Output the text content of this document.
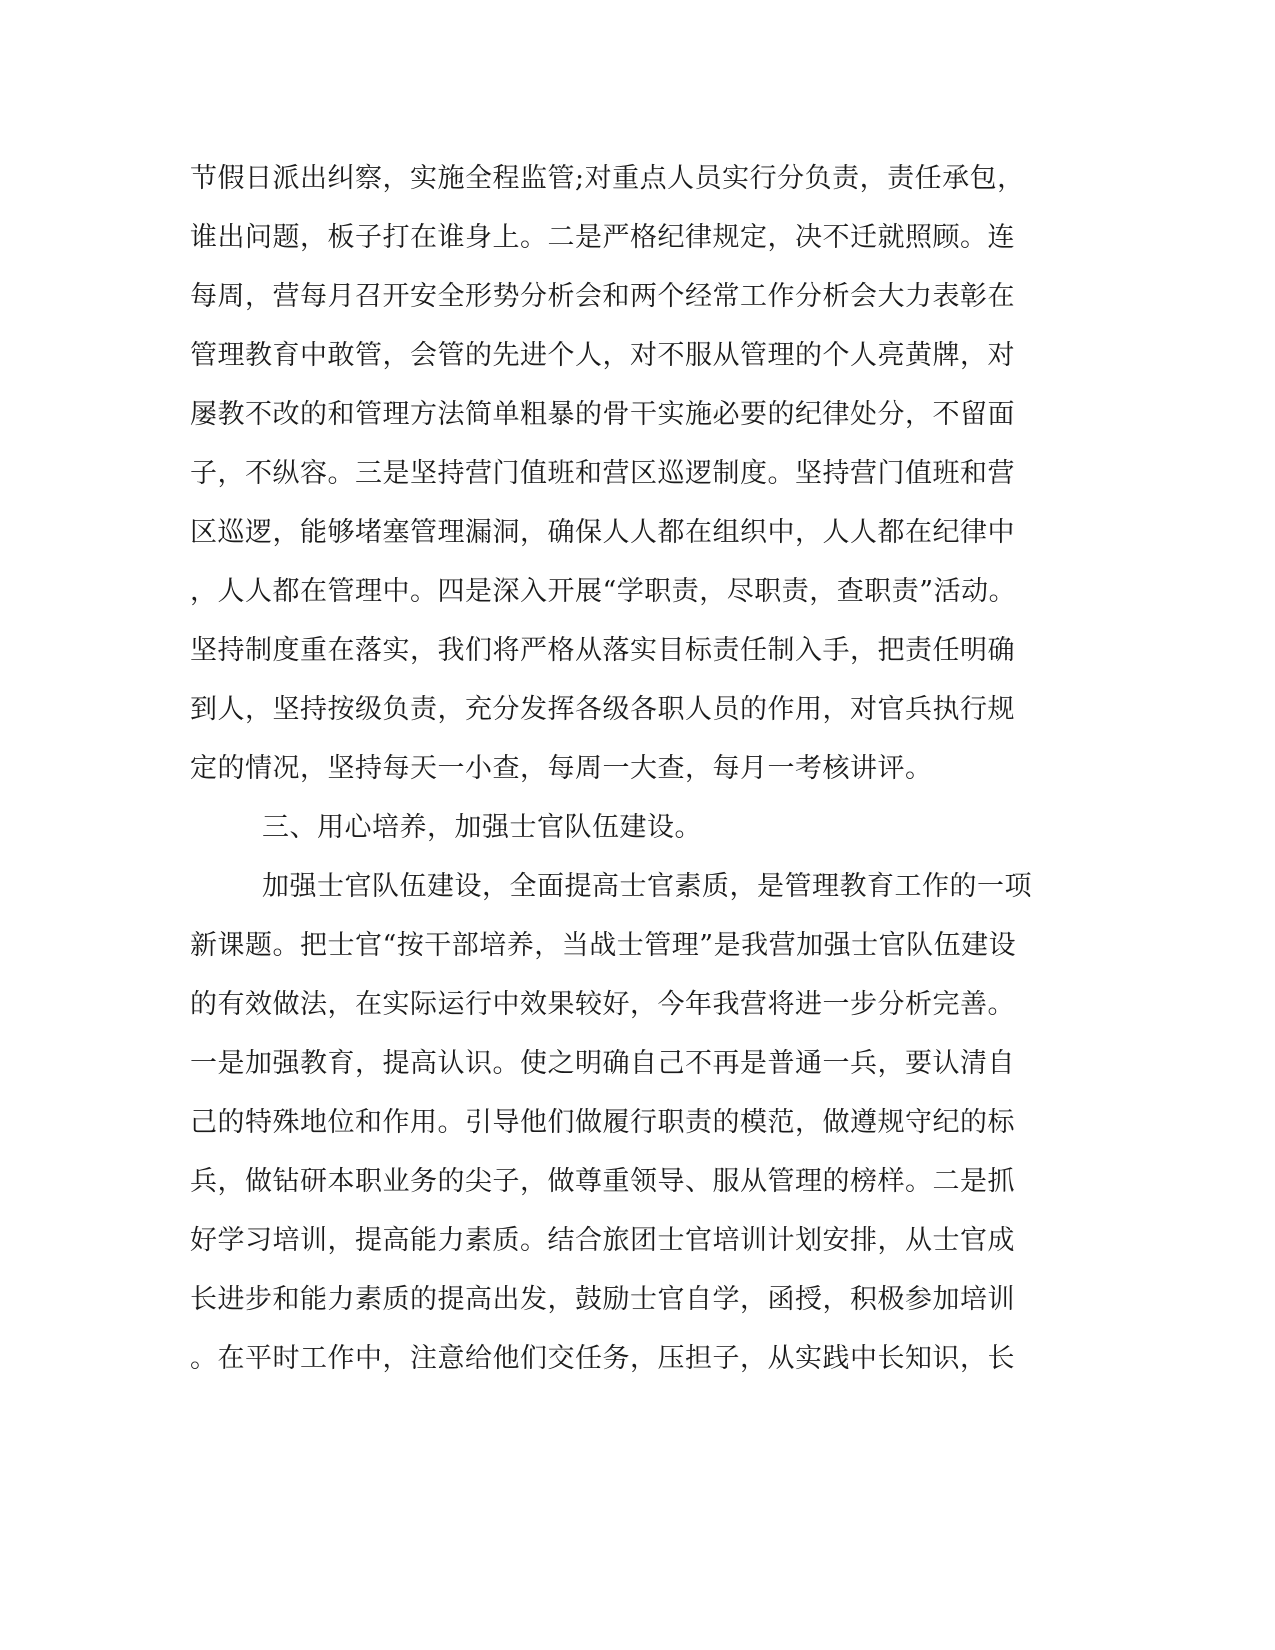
节假日派出纠察，实施全程监管;对重点人员实行分负责，责任承包，

谁出问题，板子打在谁身上。二是严格纪律规定，决不迁就照顾。连

每周，营每月召开安全形势分析会和两个经常工作分析会大力表彰在

管理教育中敢管，会管的先进个人，对不服从管理的个人亮黄牌，对

屡教不改的和管理方法简单粗暴的骨干实施必要的纪律处分，不留面

子，不纵容。三是坚持营门值班和营区巡逻制度。坚持营门值班和营

区巡逻，能够堵塞管理漏洞，确保人人都在组织中，人人都在纪律中

，人人都在管理中。四是深入开展“学职责，尽职责，查职责”活动。

坚持制度重在落实，我们将严格从落实目标责任制入手，把责任明确

到人，坚持按级负责，充分发挥各级各职人员的作用，对官兵执行规

定的情况，坚持每天一小查，每周一大查，每月一考核讲评。

三、用心培养，加强士官队伍建设。

加强士官队伍建设，全面提高士官素质，是管理教育工作的一项

新课题。把士官“按干部培养，当战士管理”是我营加强士官队伍建设

的有效做法，在实际运行中效果较好，今年我营将进一步分析完善。

一是加强教育，提高认识。使之明确自己不再是普通一兵，要认清自

己的特殊地位和作用。引导他们做履行职责的模范，做遵规守纪的标

兵，做钻研本职业务的尖子，做尊重领导、服从管理的榜样。二是抓

好学习培训，提高能力素质。结合旅团士官培训计划安排，从士官成

长进步和能力素质的提高出发，鼓励士官自学，函授，积极参加培训

。在平时工作中，注意给他们交任务，压担子，从实践中长知识，长
